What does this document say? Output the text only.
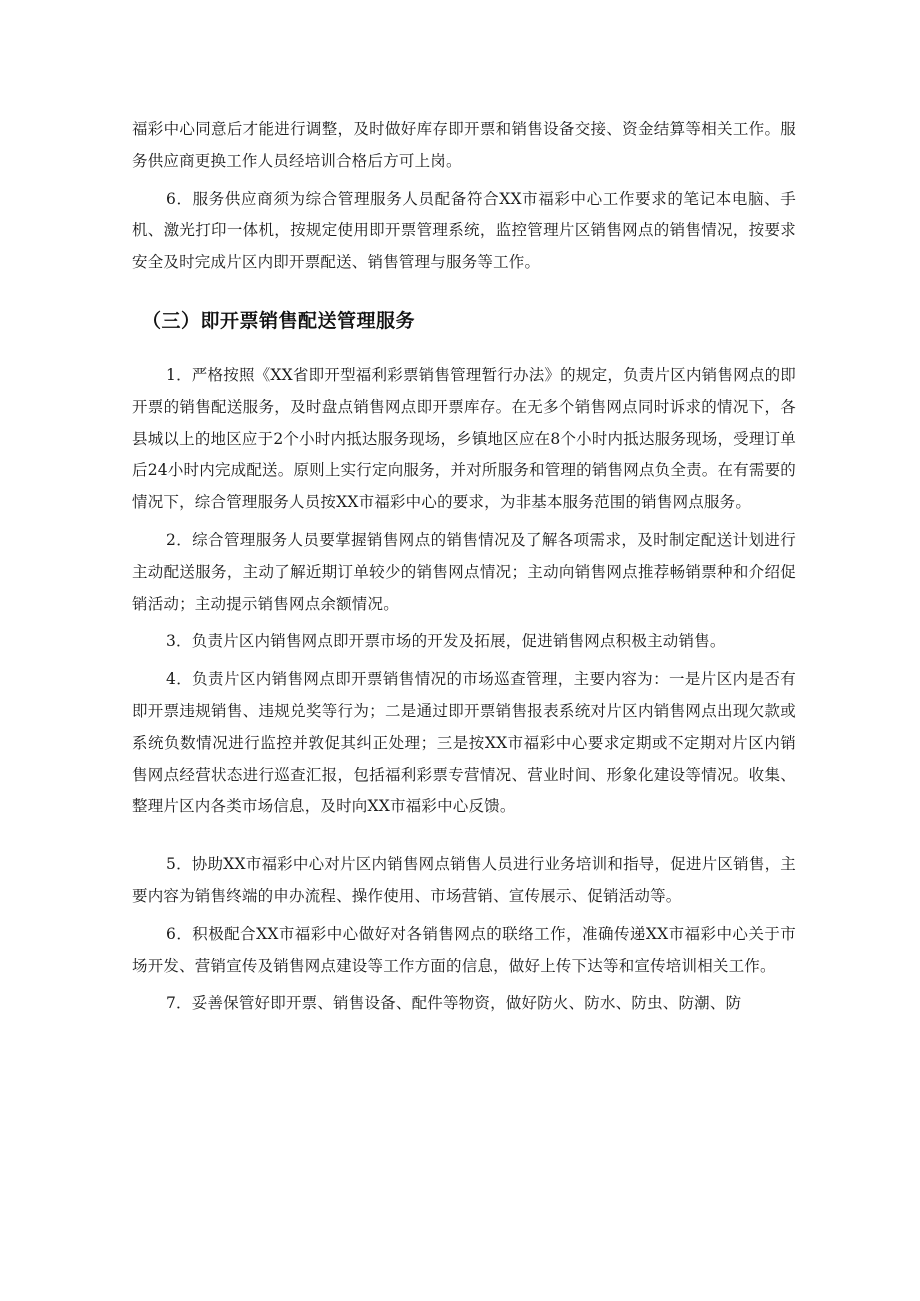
福彩中心同意后才能进行调整，及时做好库存即开票和销售设备交接、资金结算等相关工作。服务供应商更换工作人员经培训合格后方可上岗。

6．服务供应商须为综合管理服务人员配备符合XX市福彩中心工作要求的笔记本电脑、手机、激光打印一体机，按规定使用即开票管理系统，监控管理片区销售网点的销售情况，按要求安全及时完成片区内即开票配送、销售管理与服务等工作。

（三）即开票销售配送管理服务

1．严格按照《XX省即开型福利彩票销售管理暂行办法》的规定，负责片区内销售网点的即开票的销售配送服务，及时盘点销售网点即开票库存。在无多个销售网点同时诉求的情况下，各县城以上的地区应于2个小时内抵达服务现场，乡镇地区应在8个小时内抵达服务现场，受理订单后24小时内完成配送。原则上实行定向服务，并对所服务和管理的销售网点负全责。在有需要的情况下，综合管理服务人员按XX市福彩中心的要求，为非基本服务范围的销售网点服务。

2．综合管理服务人员要掌握销售网点的销售情况及了解各项需求，及时制定配送计划进行主动配送服务，主动了解近期订单较少的销售网点情况；主动向销售网点推荐畅销票种和介绍促销活动；主动提示销售网点余额情况。

3．负责片区内销售网点即开票市场的开发及拓展，促进销售网点积极主动销售。

4．负责片区内销售网点即开票销售情况的市场巡查管理，主要内容为：一是片区内是否有即开票违规销售、违规兑奖等行为；二是通过即开票销售报表系统对片区内销售网点出现欠款或系统负数情况进行监控并敦促其纠正处理；三是按XX市福彩中心要求定期或不定期对片区内销售网点经营状态进行巡查汇报，包括福利彩票专营情况、营业时间、形象化建设等情况。收集、整理片区内各类市场信息，及时向XX市福彩中心反馈。

5．协助XX市福彩中心对片区内销售网点销售人员进行业务培训和指导，促进片区销售，主要内容为销售终端的申办流程、操作使用、市场营销、宣传展示、促销活动等。

6．积极配合XX市福彩中心做好对各销售网点的联络工作，准确传递XX市福彩中心关于市场开发、营销宣传及销售网点建设等工作方面的信息，做好上传下达等和宣传培训相关工作。

7．妥善保管好即开票、销售设备、配件等物资，做好防火、防水、防虫、防潮、防
